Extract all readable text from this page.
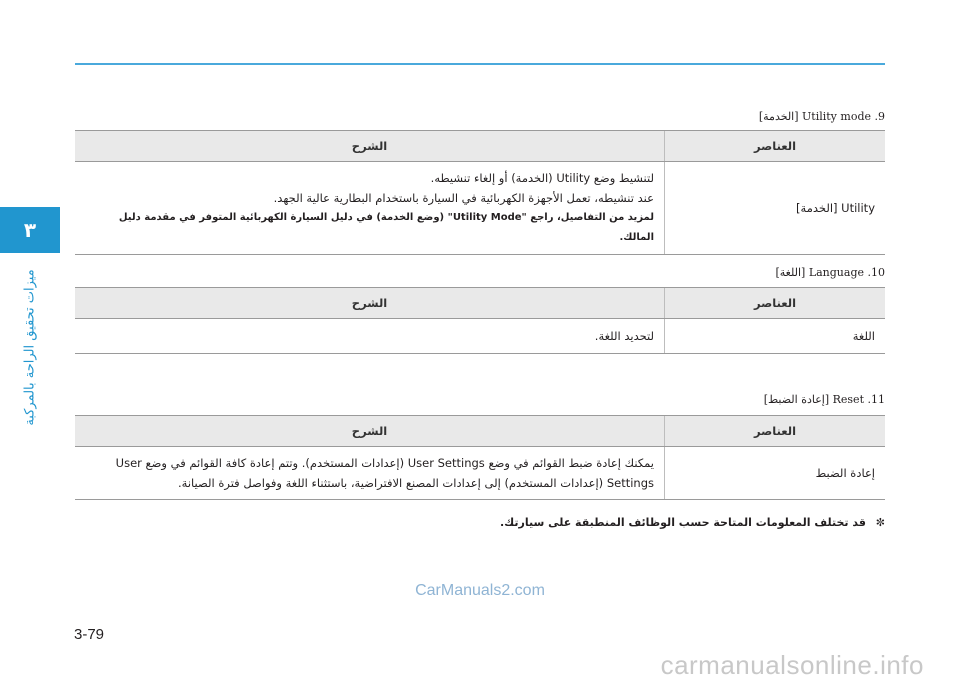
٣
ميزات تحقيق الراحة بالمركبة
9. Utility mode [الخدمة]
العناصر	الشرح
Utility [الخدمة]	لتنشيط وضع Utility (الخدمة) أو إلغاء تنشيطه.
عند تنشيطه، تعمل الأجهزة الكهربائية في السيارة باستخدام البطارية عالية الجهد.
لمزيد من التفاصيل، راجع "Utility Mode" (وضع الخدمة) في دليل السيارة الكهربائية المتوفر في مقدمة دليل المالك.
10. Language [اللغة]
العناصر	الشرح
اللغة	لتحديد اللغة.
11. Reset [إعادة الضبط]
العناصر	الشرح
إعادة الضبط	يمكنك إعادة ضبط القوائم في وضع User Settings (إعدادات المستخدم). وتتم إعادة كافة القوائم في وضع User
Settings (إعدادات المستخدم) إلى إعدادات المصنع الافتراضية، باستثناء اللغة وفواصل فترة الصيانة.
✼ قد تختلف المعلومات المتاحة حسب الوظائف المنطبقة على سيارتك.
CarManuals2.com
3-79
carmanualsonline.info
